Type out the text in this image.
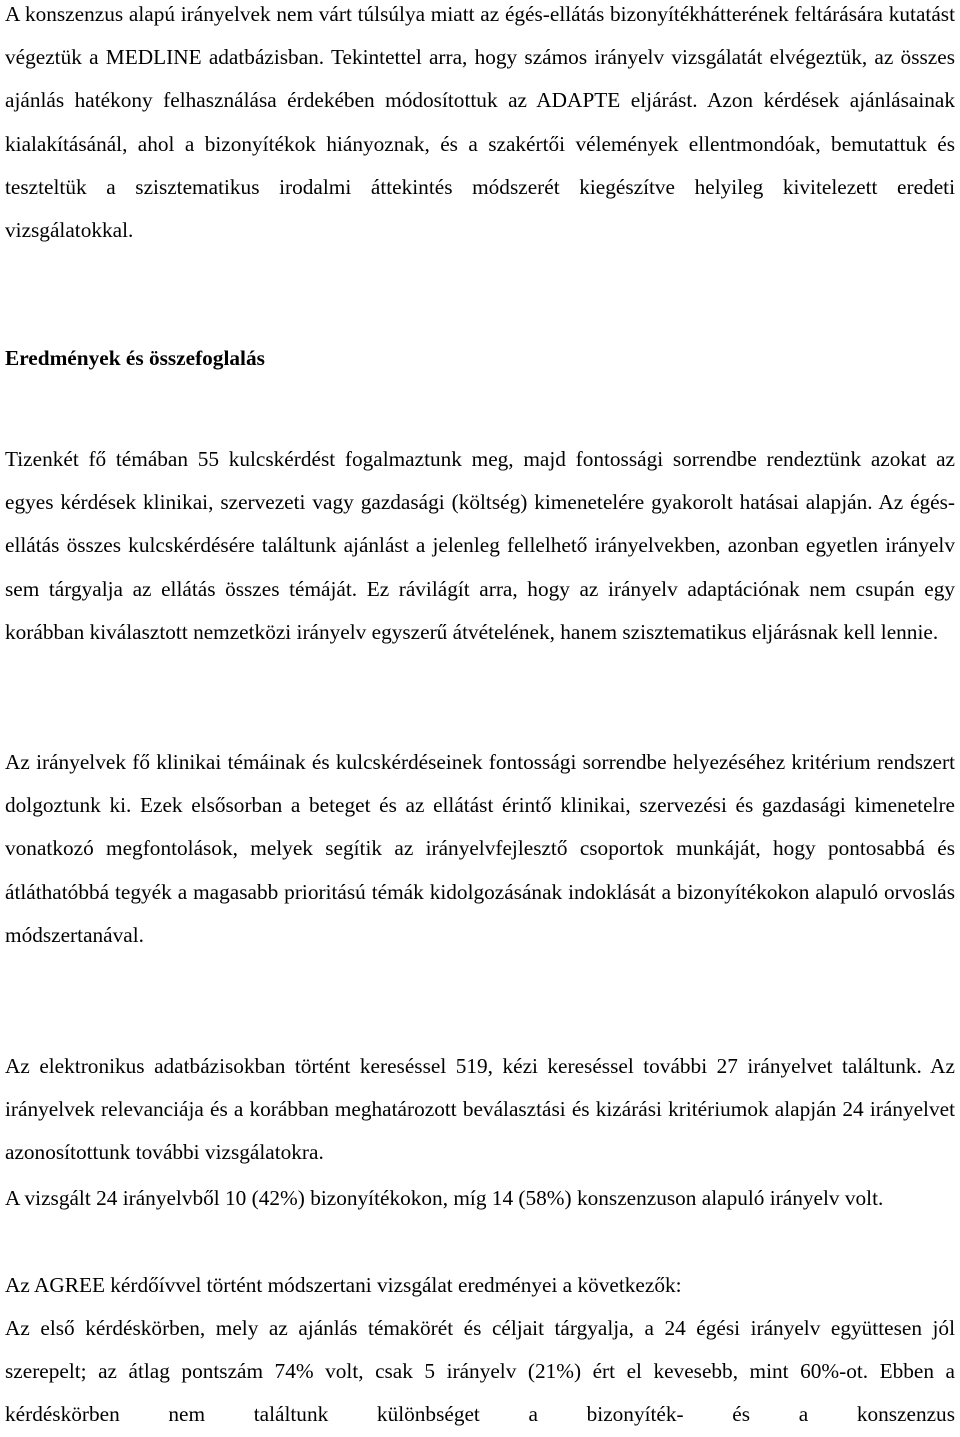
A konszenzus alapú irányelvek nem várt túlsúlya miatt az égés-ellátás bizonyítékhátterének feltárására kutatást végeztük a MEDLINE adatbázisban. Tekintettel arra, hogy számos irányelv vizsgálatát elvégeztük, az összes ajánlás hatékony felhasználása érdekében módosítottuk az ADAPTE eljárást. Azon kérdések ajánlásainak kialakításánál, ahol a bizonyítékok hiányoznak, és a szakértői vélemények ellentmondóak, bemutattuk és teszteltük a szisztematikus irodalmi áttekintés módszerét kiegészítve helyileg kivitelezett eredeti vizsgálatokkal.

Eredmények és összefoglalás

Tizenkét fő témában 55 kulcskérdést fogalmaztunk meg, majd fontossági sorrendbe rendeztünk azokat az egyes kérdések klinikai, szervezeti vagy gazdasági (költség) kimenetelére gyakorolt hatásai alapján. Az égés-ellátás összes kulcskérdésére találtunk ajánlást a jelenleg fellelhető irányelvekben, azonban egyetlen irányelv sem tárgyalja az ellátás összes témáját. Ez rávilágít arra, hogy az irányelv adaptációnak nem csupán egy korábban kiválasztott nemzetközi irányelv egyszerű átvételének, hanem szisztematikus eljárásnak kell lennie.

Az irányelvek fő klinikai témáinak és kulcskérdéseinek fontossági sorrendbe helyezéséhez kritérium rendszert dolgoztunk ki. Ezek elsősorban a beteget és az ellátást érintő klinikai, szervezési és gazdasági kimenetelre vonatkozó megfontolások, melyek segítik az irányelvfejlesztő csoportok munkáját, hogy pontosabbá és átláthatóbbá tegyék a magasabb prioritású témák kidolgozásának indoklását a bizonyítékokon alapuló orvoslás módszertanával.

Az elektronikus adatbázisokban történt kereséssel 519, kézi kereséssel további 27 irányelvet találtunk. Az irányelvek relevanciája és a korábban meghatározott beválasztási és kizárási kritériumok alapján 24 irányelvet azonosítottunk további vizsgálatokra.

A vizsgált 24 irányelvből 10 (42%) bizonyítékokon, míg 14 (58%) konszenzuson alapuló irányelv volt.

Az AGREE kérdőívvel történt módszertani vizsgálat eredményei a következők:

Az első kérdéskörben, mely az ajánlás témakörét és céljait tárgyalja, a 24 égési irányelv együttesen jól szerepelt; az átlag pontszám 74% volt, csak 5 irányelv (21%) ért el kevesebb, mint 60%-ot. Ebben a kérdéskörben nem találtunk különbséget a bizonyíték- és a konszenzus
